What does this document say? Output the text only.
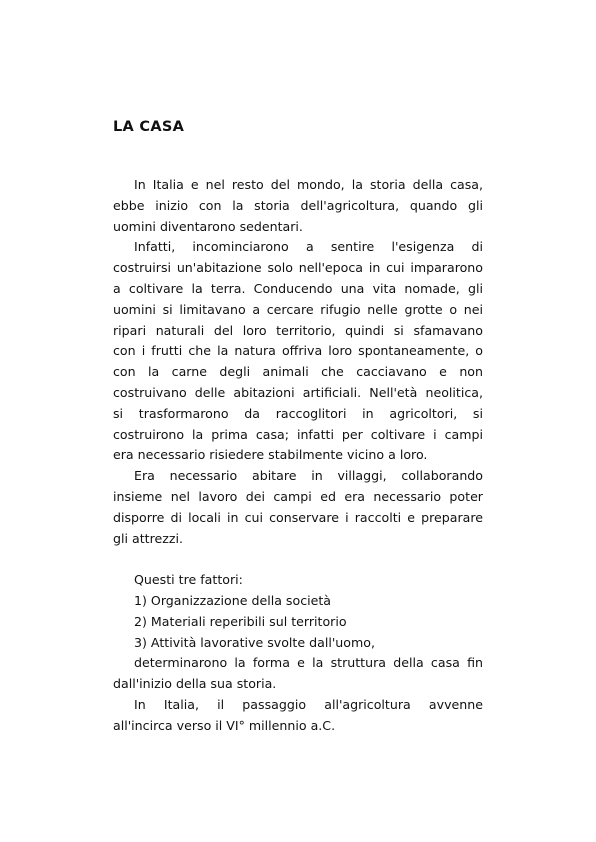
LA CASA
In Italia e nel resto del mondo, la storia della casa,
ebbe inizio con la storia dell'agricoltura, quando gli
uomini diventarono sedentari.
Infatti, incominciarono a sentire l'esigenza di
costruirsi un'abitazione solo nell'epoca in cui impararono
a coltivare la terra. Conducendo una vita nomade, gli
uomini si limitavano a cercare rifugio nelle grotte o nei
ripari naturali del loro territorio, quindi si sfamavano
con i frutti che la natura offriva loro spontaneamente, o
con la carne degli animali che cacciavano e non
costruivano delle abitazioni artificiali. Nell'età neolitica,
si trasformarono da raccoglitori in agricoltori, si
costruirono la prima casa; infatti per coltivare i campi
era necessario risiedere stabilmente vicino a loro.
Era necessario abitare in villaggi, collaborando
insieme nel lavoro dei campi ed era necessario poter
disporre di locali in cui conservare i raccolti e preparare
gli attrezzi.
Questi tre fattori:
1) Organizzazione della società
2) Materiali reperibili sul territorio
3) Attività lavorative svolte dall'uomo,
determinarono la forma e la struttura della casa fin
dall'inizio della sua storia.
In Italia, il passaggio all'agricoltura avvenne
all'incirca verso il VI° millennio a.C.
